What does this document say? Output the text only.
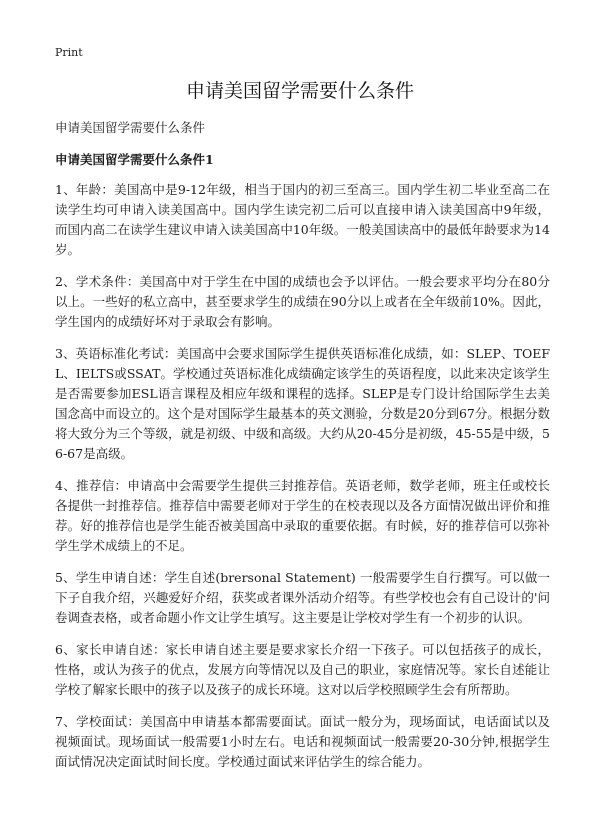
Print
申请美国留学需要什么条件

申请美国留学需要什么条件

申请美国留学需要什么条件1

1、年龄：美国高中是9-12年级，相当于国内的初三至高三。国内学生初二毕业至高二在读学生均可申请入读美国高中。国内学生读完初二后可以直接申请入读美国高中9年级，而国内高二在读学生建议申请入读美国高中10年级。一般美国读高中的最低年龄要求为14岁。

2、学术条件：美国高中对于学生在中国的成绩也会予以评估。一般会要求平均分在80分以上。一些好的私立高中，甚至要求学生的成绩在90分以上或者在全年级前10%。因此，学生国内的成绩好坏对于录取会有影响。

3、英语标准化考试：美国高中会要求国际学生提供英语标准化成绩，如：SLEP、TOEFL、IELTS或SSAT。学校通过英语标准化成绩确定该学生的英语程度，以此来决定该学生是否需要参加ESL语言课程及相应年级和课程的选择。SLEP是专门设计给国际学生去美国念高中而设立的。这个是对国际学生最基本的英文测验，分数是20分到67分。根据分数将大致分为三个等级，就是初级、中级和高级。大约从20-45分是初级，45-55是中级，56-67是高级。

4、推荐信：申请高中会需要学生提供三封推荐信。英语老师，数学老师，班主任或校长各提供一封推荐信。推荐信中需要老师对于学生的在校表现以及各方面情况做出评价和推荐。好的推荐信也是学生能否被美国高中录取的重要依据。有时候，好的推荐信可以弥补学生学术成绩上的不足。

5、学生申请自述：学生自述(brersonal Statement) 一般需要学生自行撰写。可以做一下子自我介绍，兴趣爱好介绍，获奖或者课外活动介绍等。有些学校也会有自己设计的'问卷调查表格，或者命题小作文让学生填写。这主要是让学校对学生有一个初步的认识。

6、家长申请自述：家长申请自述主要是要求家长介绍一下孩子。可以包括孩子的成长，性格，或认为孩子的优点，发展方向等情况以及自己的职业，家庭情况等。家长自述能让学校了解家长眼中的孩子以及孩子的成长环境。这对以后学校照顾学生会有所帮助。

7、学校面试：美国高中申请基本都需要面试。面试一般分为，现场面试，电话面试以及视频面试。现场面试一般需要1小时左右。电话和视频面试一般需要20-30分钟,根据学生面试情况决定面试时间长度。学校通过面试来评估学生的综合能力。
